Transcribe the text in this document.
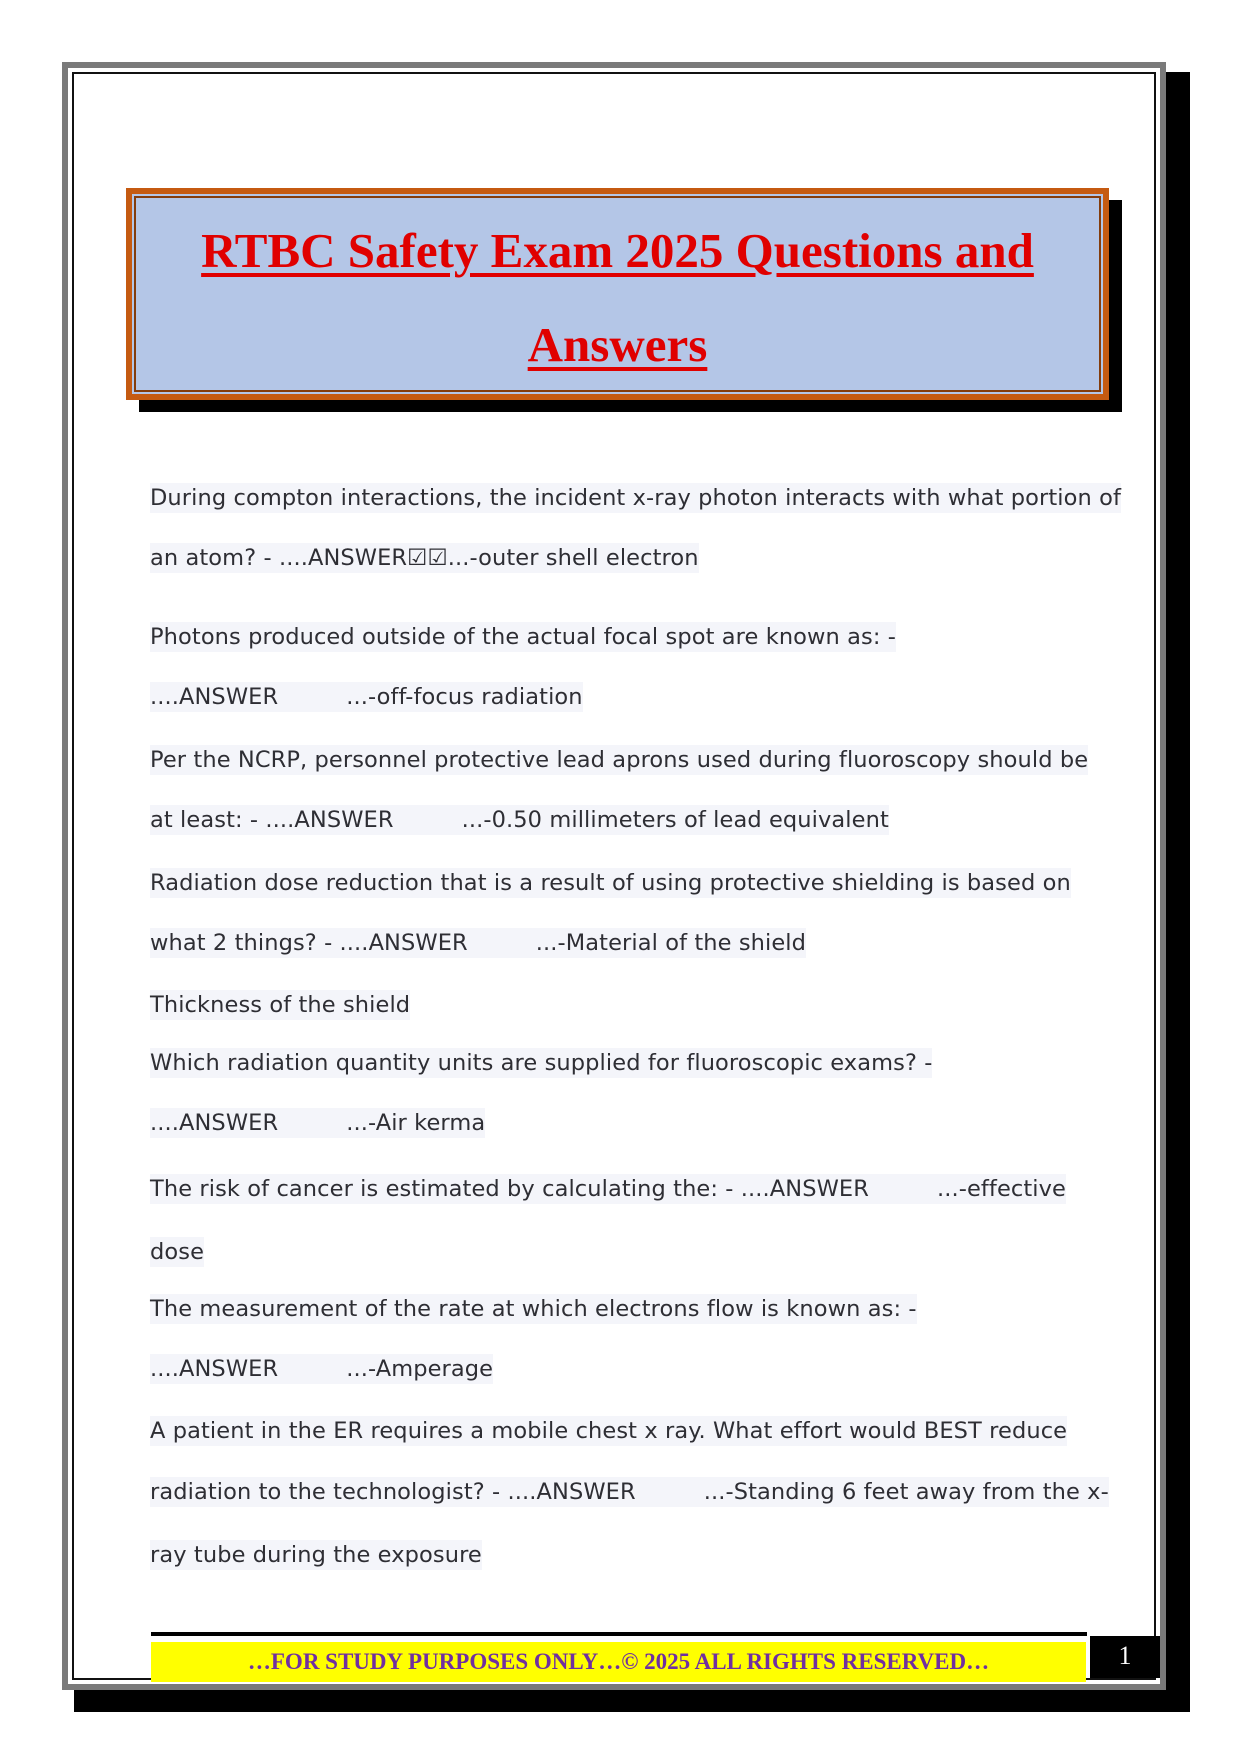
RTBC Safety Exam 2025 Questions and
Answers
During compton interactions, the incident x-ray photon interacts with what portion of
an atom? - ....ANSWER☑☑...-outer shell electron
Photons produced outside of the actual focal spot are known as: -
....ANSWER	...-off-focus radiation
Per the NCRP, personnel protective lead aprons used during fluoroscopy should be
at least: - ....ANSWER	...-0.50 millimeters of lead equivalent
Radiation dose reduction that is a result of using protective shielding is based on
what 2 things? - ....ANSWER	...-Material of the shield
Thickness of the shield
Which radiation quantity units are supplied for fluoroscopic exams? -
....ANSWER	...-Air kerma
The risk of cancer is estimated by calculating the: - ....ANSWER	...-effective
dose
The measurement of the rate at which electrons flow is known as: -
....ANSWER	...-Amperage
A patient in the ER requires a mobile chest x ray. What effort would BEST reduce
radiation to the technologist? - ....ANSWER	...-Standing 6 feet away from the x-
ray tube during the exposure
…FOR STUDY PURPOSES ONLY…© 2025 ALL RIGHTS RESERVED…	1
